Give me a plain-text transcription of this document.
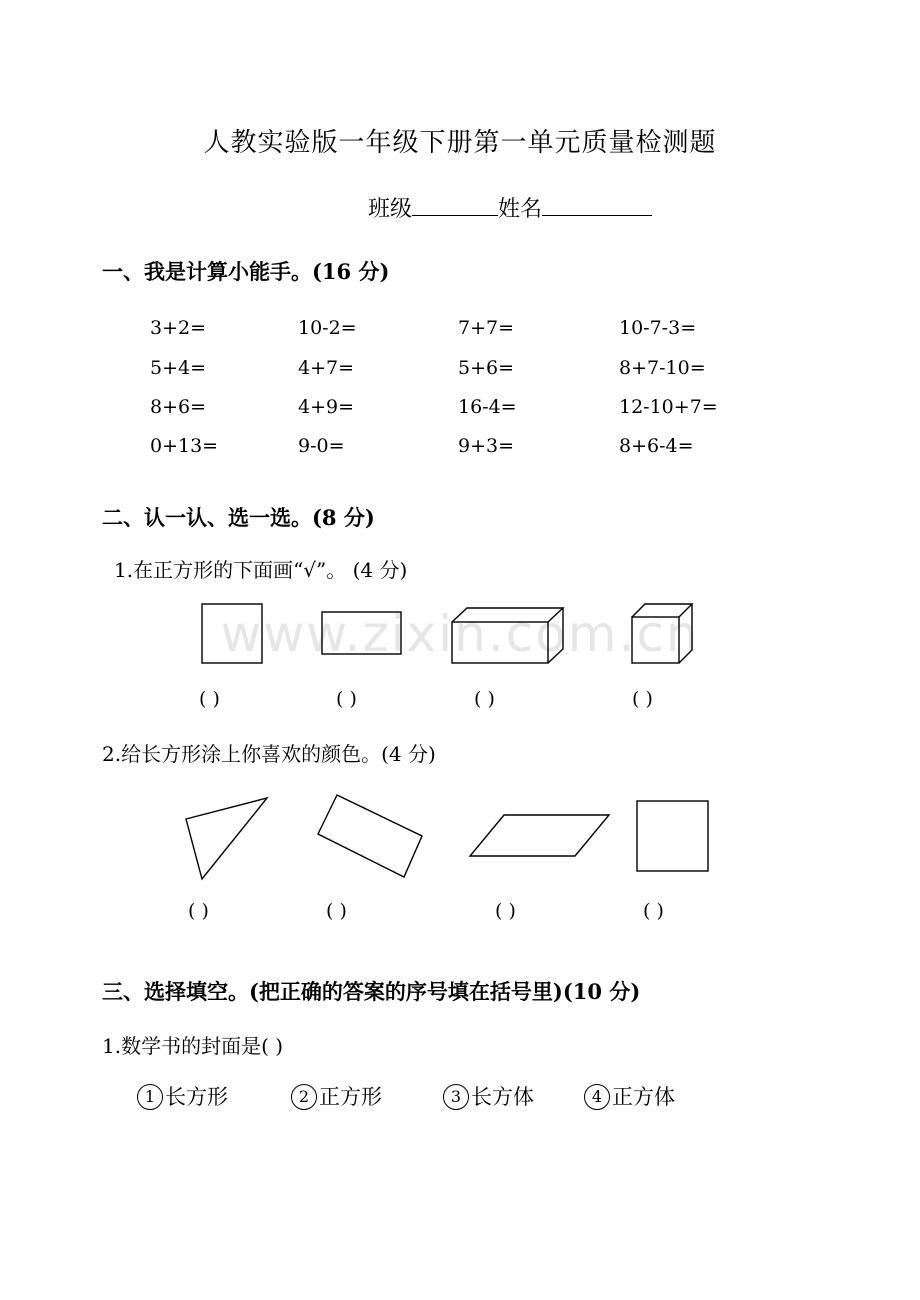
www.zixin.com.cn
人教实验版一年级下册第一单元质量检测题
班级	姓名
一、我是计算小能手。(16 分)
二、认一认、选一选。(8 分)
1.在正方形的下面画“√”。 (4 分)
( )	( )	( )	( )
2.给长方形涂上你喜欢的颜色。(4 分)
( )	( )	( )	( )
三、选择填空。(把正确的答案的序号填在括号里)(10 分)
1.数学书的封面是( )
1 长方形	2 正方形	3 长方体	4 正方体
3+2=	10-2=	7+7=	10-7-3=
5+4=	4+7=	5+6=	8+7-10=
8+6=	4+9=	16-4=	12-10+7=
0+13=	9-0=	9+3=	8+6-4=
